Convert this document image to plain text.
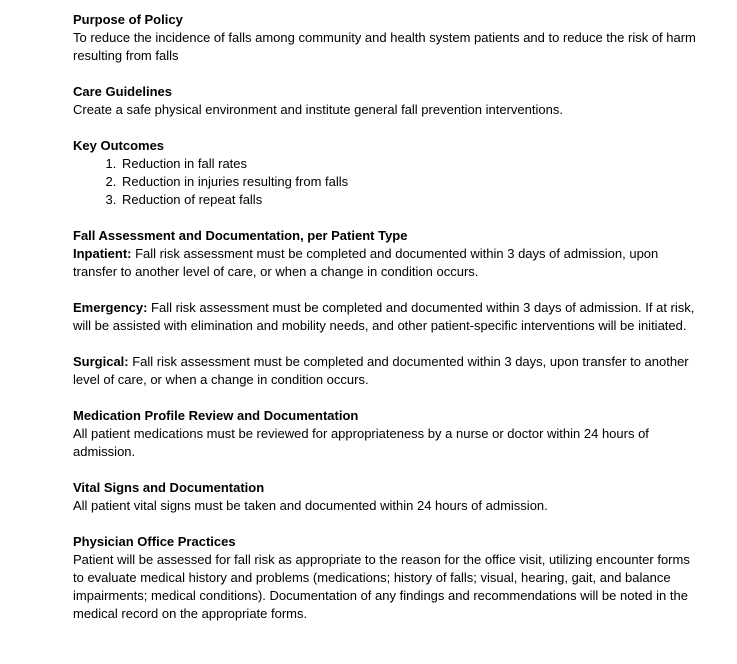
Purpose of Policy

To reduce the incidence of falls among community and health system patients and to reduce the risk of harm resulting from falls

Care Guidelines

Create a safe physical environment and institute general fall prevention interventions.

Key Outcomes
1. Reduction in fall rates
2. Reduction in injuries resulting from falls
3. Reduction of repeat falls
Fall Assessment and Documentation, per Patient Type

Inpatient: Fall risk assessment must be completed and documented within 3 days of admission, upon transfer to another level of care, or when a change in condition occurs.

Emergency: Fall risk assessment must be completed and documented within 3 days of admission. If at risk, will be assisted with elimination and mobility needs, and other patient-specific interventions will be initiated.

Surgical: Fall risk assessment must be completed and documented within 3 days, upon transfer to another level of care, or when a change in condition occurs.

Medication Profile Review and Documentation

All patient medications must be reviewed for appropriateness by a nurse or doctor within 24 hours of admission.

Vital Signs and Documentation

All patient vital signs must be taken and documented within 24 hours of admission.

Physician Office Practices

Patient will be assessed for fall risk as appropriate to the reason for the office visit, utilizing encounter forms to evaluate medical history and problems (medications; history of falls; visual, hearing, gait, and balance impairments; medical conditions). Documentation of any findings and recommendations will be noted in the medical record on the appropriate forms.
